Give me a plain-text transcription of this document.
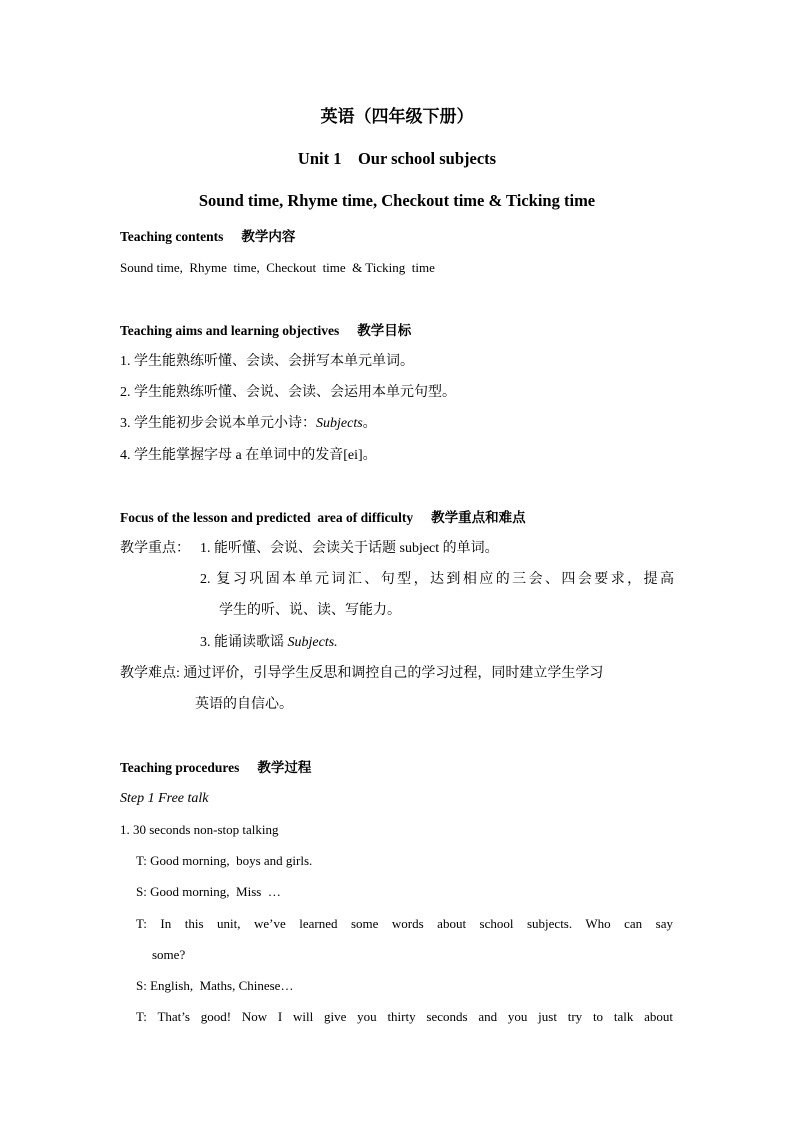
英语（四年级下册）
Unit 1    Our school subjects
Sound time, Rhyme time, Checkout time & Ticking time
Teaching contents 教学内容
Sound time,  Rhyme  time,  Checkout  time  & Ticking  time
Teaching aims and learning objectives 教学目标
1. 学生能熟练听懂、会读、会拼写本单元单词。
2. 学生能熟练听懂、会说、会读、会运用本单元句型。
3. 学生能初步会说本单元小诗：Subjects。
4. 学生能掌握字母 a 在单词中的发音[ei]。
Focus of the lesson and predicted  area of difficulty 教学重点和难点
教学重点： 1. 能听懂、会说、会读关于话题 subject 的单词。
2. 复习巩固本单元词汇、句型，达到相应的三会、四会要求，提高
学生的听、说、读、写能力。
3. 能诵读歌谣 Subjects.
教学难点: 通过评价，引导学生反思和调控自己的学习过程，同时建立学生学习
英语的自信心。
Teaching procedures 教学过程
Step 1 Free talk
1. 30 seconds non-stop talking
T: Good morning,  boys and girls.
S: Good morning,  Miss  …
T: In this unit, we’ve learned some words about school subjects. Who can say
some?
S: English,  Maths, Chinese…
T: That’s good! Now I will give you thirty seconds and you just try to talk about
